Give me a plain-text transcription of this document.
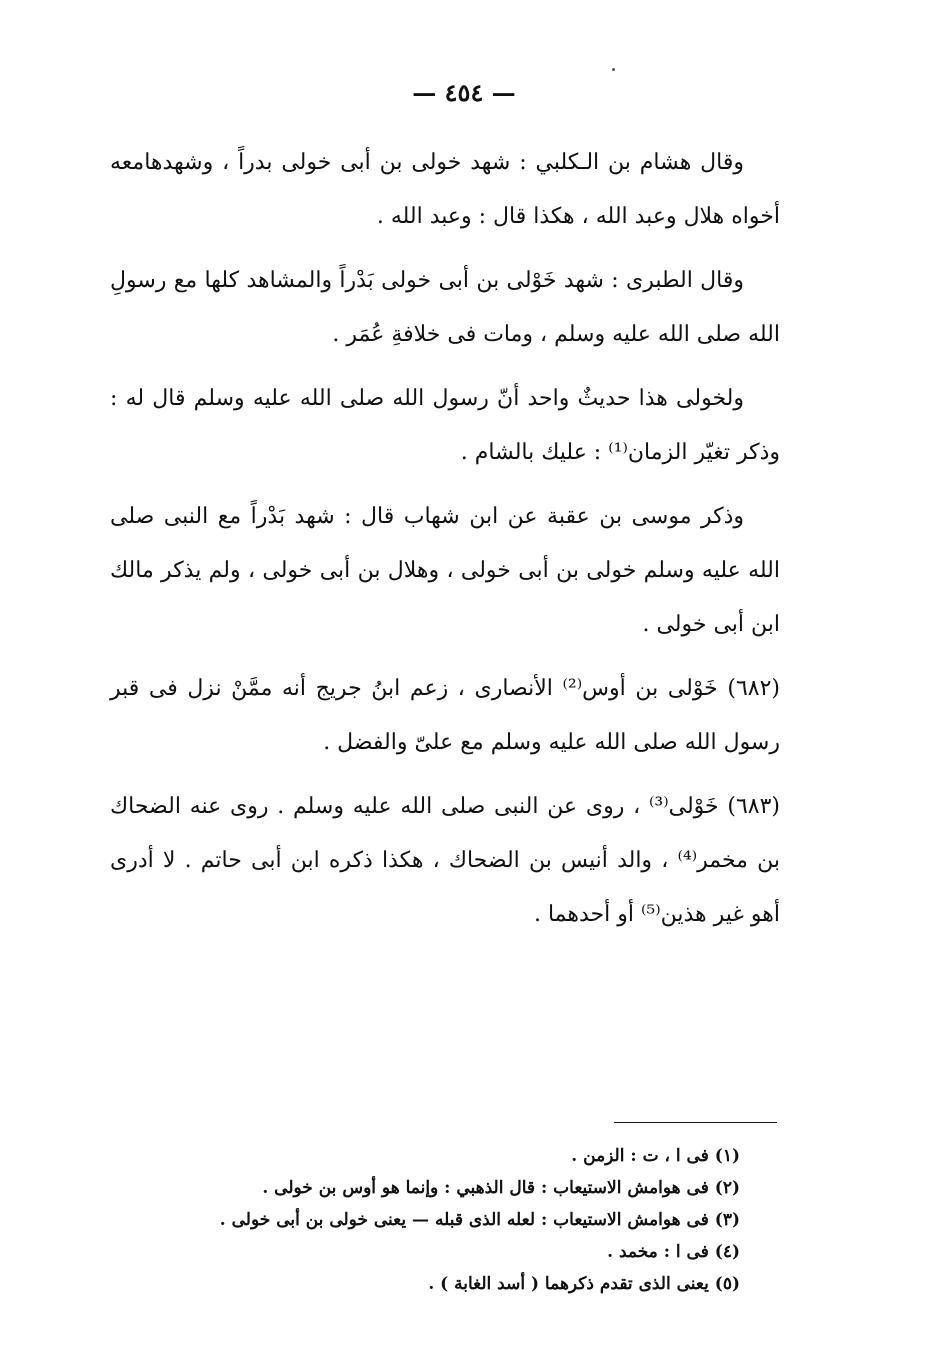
— ٤٥٤ —

وقال هشام بن الـكلبي : شهد خولى بن أبى خولى بدراً ، وشهدهامعه أخواه هلال وعبد الله ، هكذا قال : وعبد الله .

وقال الطبرى : شهد خَوْلى بن أبى خولى بَدْراً والمشاهد كلها مع رسولِ الله صلى الله عليه وسلم ، ومات فى خلافةِ عُمَر .

ولخولى هذا حديثٌ واحد أنّ رسول الله صلى الله عليه وسلم قال له : وذكر تغيّر الزمان⁽¹⁾ : عليك بالشام .

وذكر موسى بن عقبة عن ابن شهاب قال : شهد بَدْراً مع النبى صلى الله عليه وسلم خولى بن أبى خولى ، وهلال بن أبى خولى ، ولم يذكر مالك ابن أبى خولى .

(٦٨٢) خَوْلى بن أوس⁽²⁾ الأنصارى ، زعم ابنُ جريج أنه ممَّنْ نزل فى قبر رسول الله صلى الله عليه وسلم مع علىّ والفضل .

(٦٨٣) خَوْلى⁽³⁾ ، روى عن النبى صلى الله عليه وسلم . روى عنه الضحاك بن مخمر⁽⁴⁾ ، والد أنيس بن الضحاك ، هكذا ذكره ابن أبى حاتم . لا أدرى أهو غير هذين⁽⁵⁾ أو أحدهما .

(١) فى ا ، ت : الزمن .

(٢) فى هوامش الاستيعاب : قال الذهبي : وإنما هو أوس بن خولى .

(٣) فى هوامش الاستيعاب : لعله الذى قبله — يعنى خولى بن أبى خولى .

(٤) فى ا : مخمد .

(٥) يعنى الذى تقدم ذكرهما ( أسد الغابة ) .
